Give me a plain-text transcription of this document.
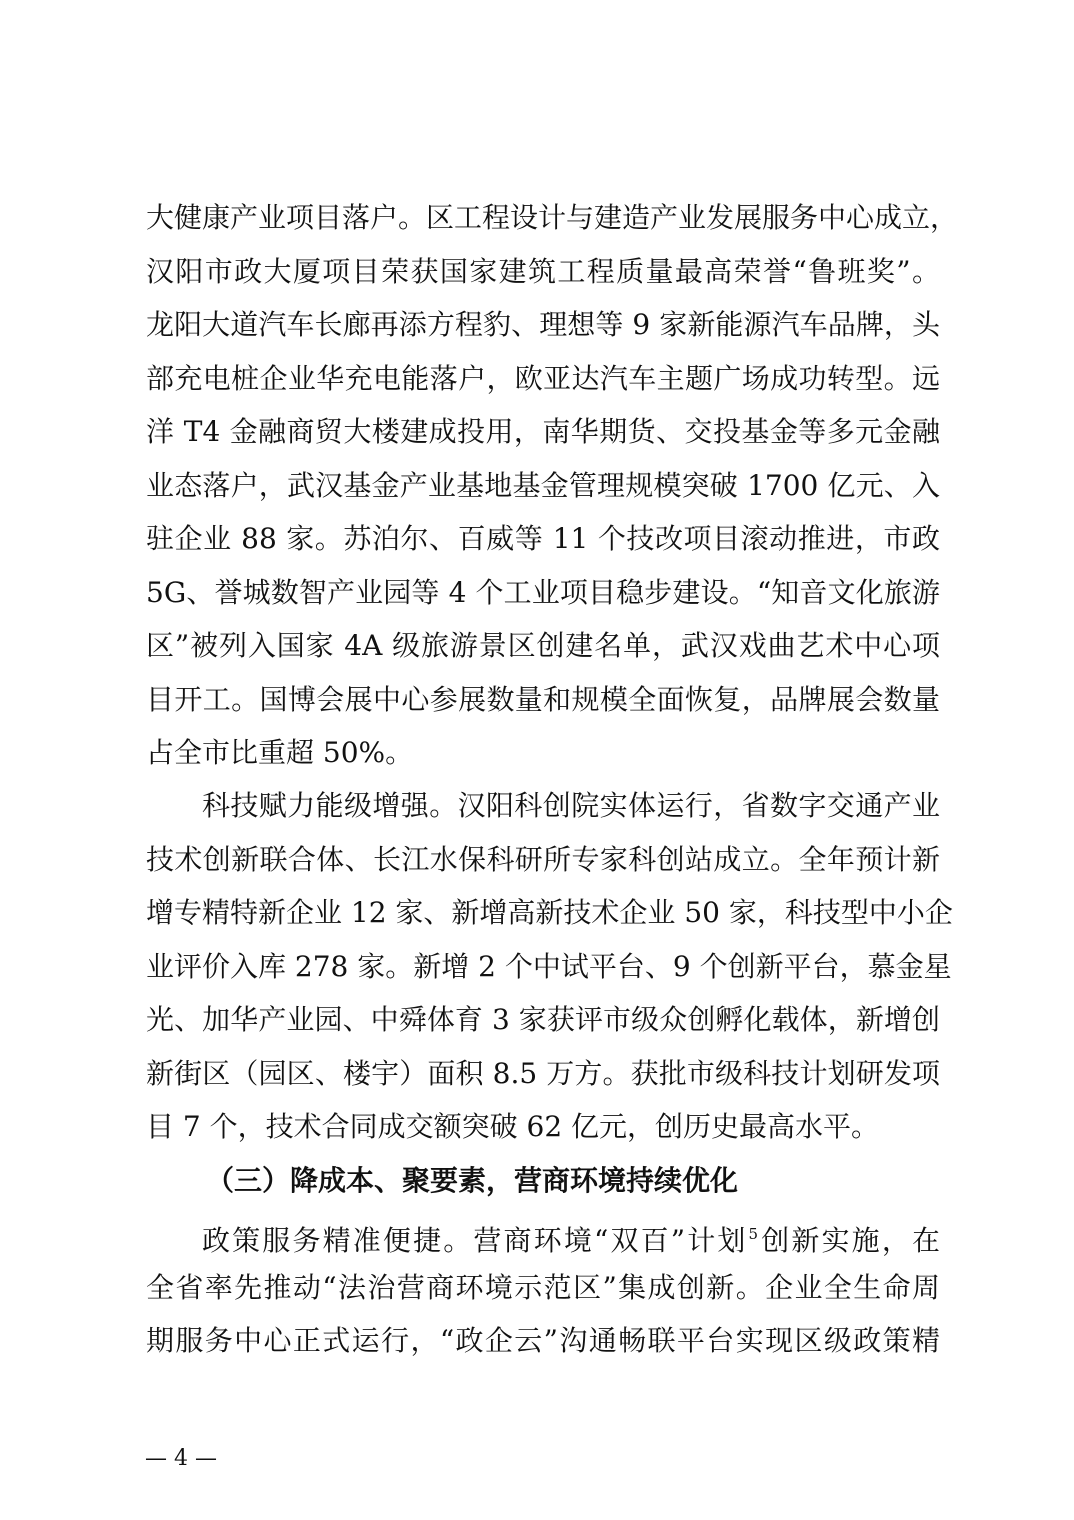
大健康产业项目落户。区工程设计与建造产业发展服务中心成立，
汉阳市政大厦项目荣获国家建筑工程质量最高荣誉“鲁班奖”。
龙阳大道汽车长廊再添方程豹、理想等 9 家新能源汽车品牌，头
部充电桩企业华充电能落户，欧亚达汽车主题广场成功转型。远
洋 T4 金融商贸大楼建成投用，南华期货、交投基金等多元金融
业态落户，武汉基金产业基地基金管理规模突破 1700 亿元、入
驻企业 88 家。苏泊尔、百威等 11 个技改项目滚动推进，市政
5G、誉城数智产业园等 4 个工业项目稳步建设。“知音文化旅游
区”被列入国家 4A 级旅游景区创建名单，武汉戏曲艺术中心项
目开工。国博会展中心参展数量和规模全面恢复，品牌展会数量
占全市比重超 50%。
科技赋力能级增强。汉阳科创院实体运行，省数字交通产业
技术创新联合体、长江水保科研所专家科创站成立。全年预计新
增专精特新企业 12 家、新增高新技术企业 50 家，科技型中小企
业评价入库 278 家。新增 2 个中试平台、9 个创新平台，慕金星
光、加华产业园、中舜体育 3 家获评市级众创孵化载体，新增创
新街区（园区、楼宇）面积 8.5 万方。获批市级科技计划研发项
目 7 个，技术合同成交额突破 62 亿元，创历史最高水平。
（三）降成本、聚要素，营商环境持续优化
政策服务精准便捷。营商环境“双百”计划$^5$创新实施，在
全省率先推动“法治营商环境示范区”集成创新。企业全生命周
期服务中心正式运行，“政企云”沟通畅联平台实现区级政策精
— 4 —
